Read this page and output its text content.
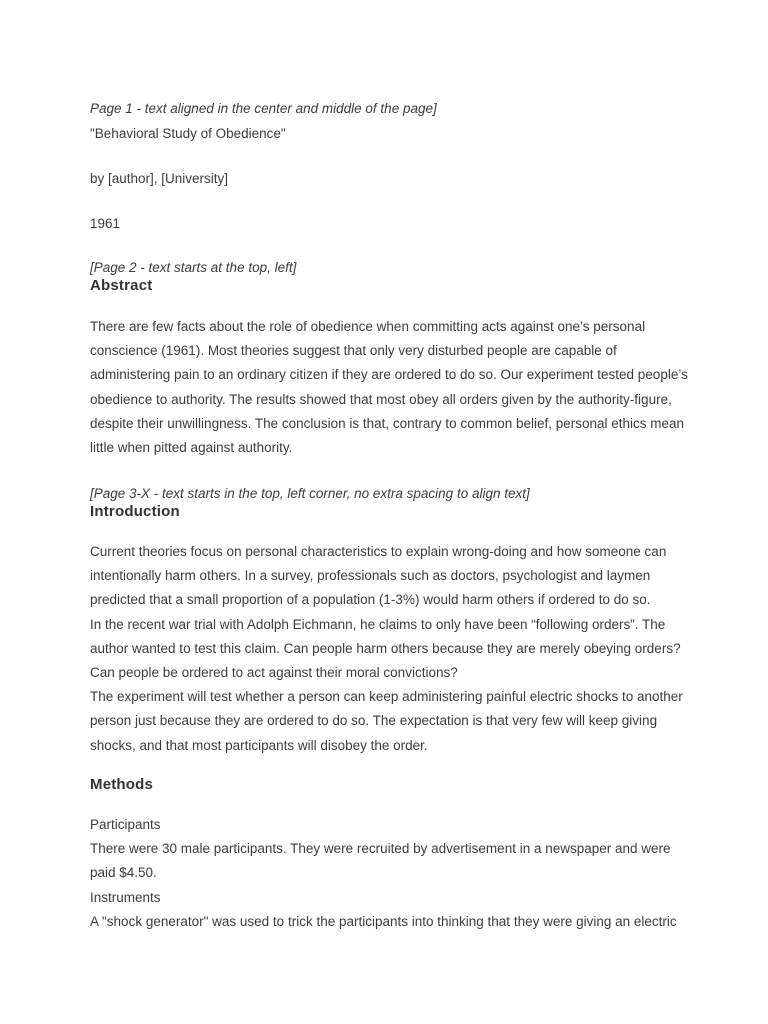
Page 1 - text aligned in the center and middle of the page]

"Behavioral Study of Obedience"

by [author], [University]

1961

[Page 2 - text starts at the top, left]

Abstract
There are few facts about the role of obedience when committing acts against one’s personal
conscience (1961). Most theories suggest that only very disturbed people are capable of
administering pain to an ordinary citizen if they are ordered to do so. Our experiment tested people’s
obedience to authority. The results showed that most obey all orders given by the authority-figure,
despite their unwillingness. The conclusion is that, contrary to common belief, personal ethics mean
little when pitted against authority.

[Page 3-X - text starts in the top, left corner, no extra spacing to align text]

Introduction
Current theories focus on personal characteristics to explain wrong-doing and how someone can
intentionally harm others. In a survey, professionals such as doctors, psychologist and laymen
predicted that a small proportion of a population (1-3%) would harm others if ordered to do so.
In the recent war trial with Adolph Eichmann, he claims to only have been “following orders”. The
author wanted to test this claim. Can people harm others because they are merely obeying orders?
Can people be ordered to act against their moral convictions?
The experiment will test whether a person can keep administering painful electric shocks to another
person just because they are ordered to do so. The expectation is that very few will keep giving
shocks, and that most participants will disobey the order.
Methods
Participants
There were 30 male participants. They were recruited by advertisement in a newspaper and were
paid $4.50.
Instruments
A "shock generator" was used to trick the participants into thinking that they were giving an electric
